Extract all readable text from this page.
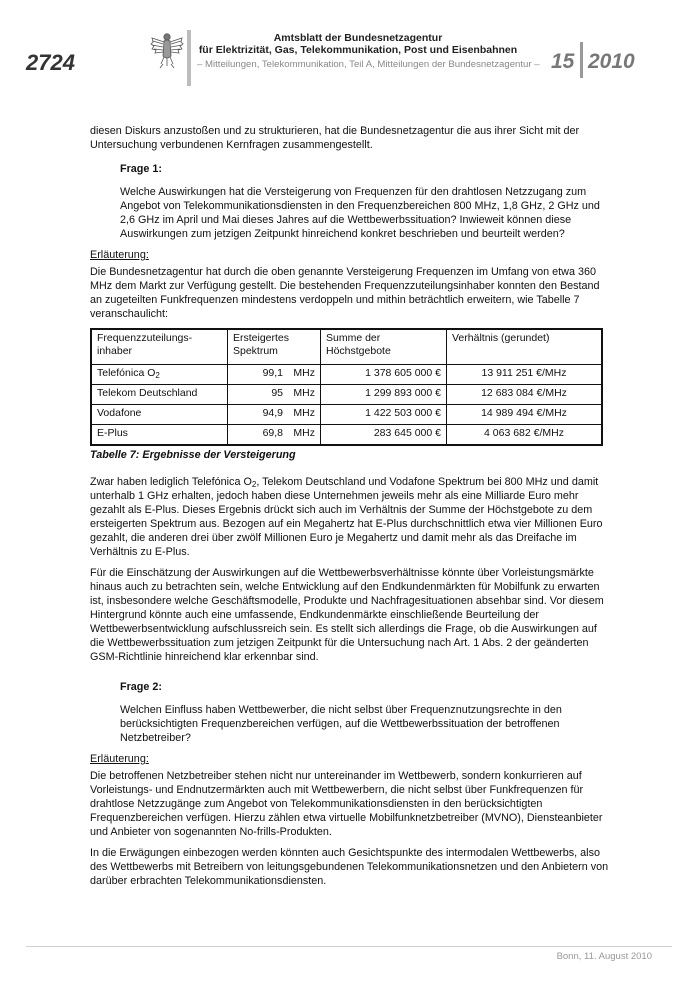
2724
Amtsblatt der Bundesnetzagentur
für Elektrizität, Gas, Telekommunikation, Post und Eisenbahnen
– Mitteilungen, Telekommunikation, Teil A, Mitteilungen der Bundesnetzagentur – 15 2010

diesen Diskurs anzustoßen und zu strukturieren, hat die Bundesnetzagentur die aus ihrer Sicht mit der Untersuchung verbundenen Kernfragen zusammengestellt.

Frage 1:

Welche Auswirkungen hat die Versteigerung von Frequenzen für den drahtlosen Netzzugang zum Angebot von Telekommunikationsdiensten in den Frequenzbereichen 800 MHz, 1,8 GHz, 2 GHz und 2,6 GHz im April und Mai dieses Jahres auf die Wettbewerbssituation? Inwieweit können diese Auswirkungen zum jetzigen Zeitpunkt hinreichend konkret beschrieben und beurteilt werden?

Erläuterung:

Die Bundesnetzagentur hat durch die oben genannte Versteigerung Frequenzen im Umfang von etwa 360 MHz dem Markt zur Verfügung gestellt. Die bestehenden Frequenzzuteilungsinhaber konnten den Bestand an zugeteilten Funkfrequenzen mindestens verdoppeln und mithin beträchtlich erweitern, wie Tabelle 7 veranschaulicht:

Frequenzzuteilungs-inhaber	Ersteigertes Spektrum	Summe der Höchstgebote	Verhältnis (gerundet)
Telefónica $O_2$	99,1 MHz	1 378 605 000 €	13 911 251 €/MHz
Telekom Deutschland	95 MHz	1 299 893 000 €	12 683 084 €/MHz
Vodafone	94,9 MHz	1 422 503 000 €	14 989 494 €/MHz
E-Plus	69,8 MHz	283 645 000 €	4 063 682 €/MHz

Tabelle 7: Ergebnisse der Versteigerung

Zwar haben lediglich Telefónica $O_2$, Telekom Deutschland und Vodafone Spektrum bei 800 MHz und damit unterhalb 1 GHz erhalten, jedoch haben diese Unternehmen jeweils mehr als eine Milliarde Euro mehr gezahlt als E-Plus. Dieses Ergebnis drückt sich auch im Verhältnis der Summe der Höchstgebote zu dem ersteigerten Spektrum aus. Bezogen auf ein Megahertz hat E-Plus durchschnittlich etwa vier Millionen Euro gezahlt, die anderen drei über zwölf Millionen Euro je Megahertz und damit mehr als das Dreifache im Verhältnis zu E-Plus.

Für die Einschätzung der Auswirkungen auf die Wettbewerbsverhältnisse könnte über Vorleistungsmärkte hinaus auch zu betrachten sein, welche Entwicklung auf den Endkundenmärkten für Mobilfunk zu erwarten ist, insbesondere welche Geschäftsmodelle, Produkte und Nachfragesituationen absehbar sind. Vor diesem Hintergrund könnte auch eine umfassende, Endkundenmärkte einschließende Beurteilung der Wettbewerbsentwicklung aufschlussreich sein. Es stellt sich allerdings die Frage, ob die Auswirkungen auf die Wettbewerbssituation zum jetzigen Zeitpunkt für die Untersuchung nach Art. 1 Abs. 2 der geänderten GSM-Richtlinie hinreichend klar erkennbar sind.

Frage 2:

Welchen Einfluss haben Wettbewerber, die nicht selbst über Frequenznutzungsrechte in den berücksichtigten Frequenzbereichen verfügen, auf die Wettbewerbssituation der betroffenen Netzbetreiber?

Erläuterung:

Die betroffenen Netzbetreiber stehen nicht nur untereinander im Wettbewerb, sondern konkurrieren auf Vorleistungs- und Endnutzermärkten auch mit Wettbewerbern, die nicht selbst über Funkfrequenzen für drahtlose Netzzugänge zum Angebot von Telekommunikationsdiensten in den berücksichtigten Frequenzbereichen verfügen. Hierzu zählen etwa virtuelle Mobilfunknetzbetreiber (MVNO), Diensteanbieter und Anbieter von sogenannten No-frills-Produkten.

In die Erwägungen einbezogen werden könnten auch Gesichtspunkte des intermodalen Wettbewerbs, also des Wettbewerbs mit Betreibern von leitungsgebundenen Telekommunikationsnetzen und den Anbietern von darüber erbrachten Telekommunikationsdiensten.

Bonn, 11. August 2010
